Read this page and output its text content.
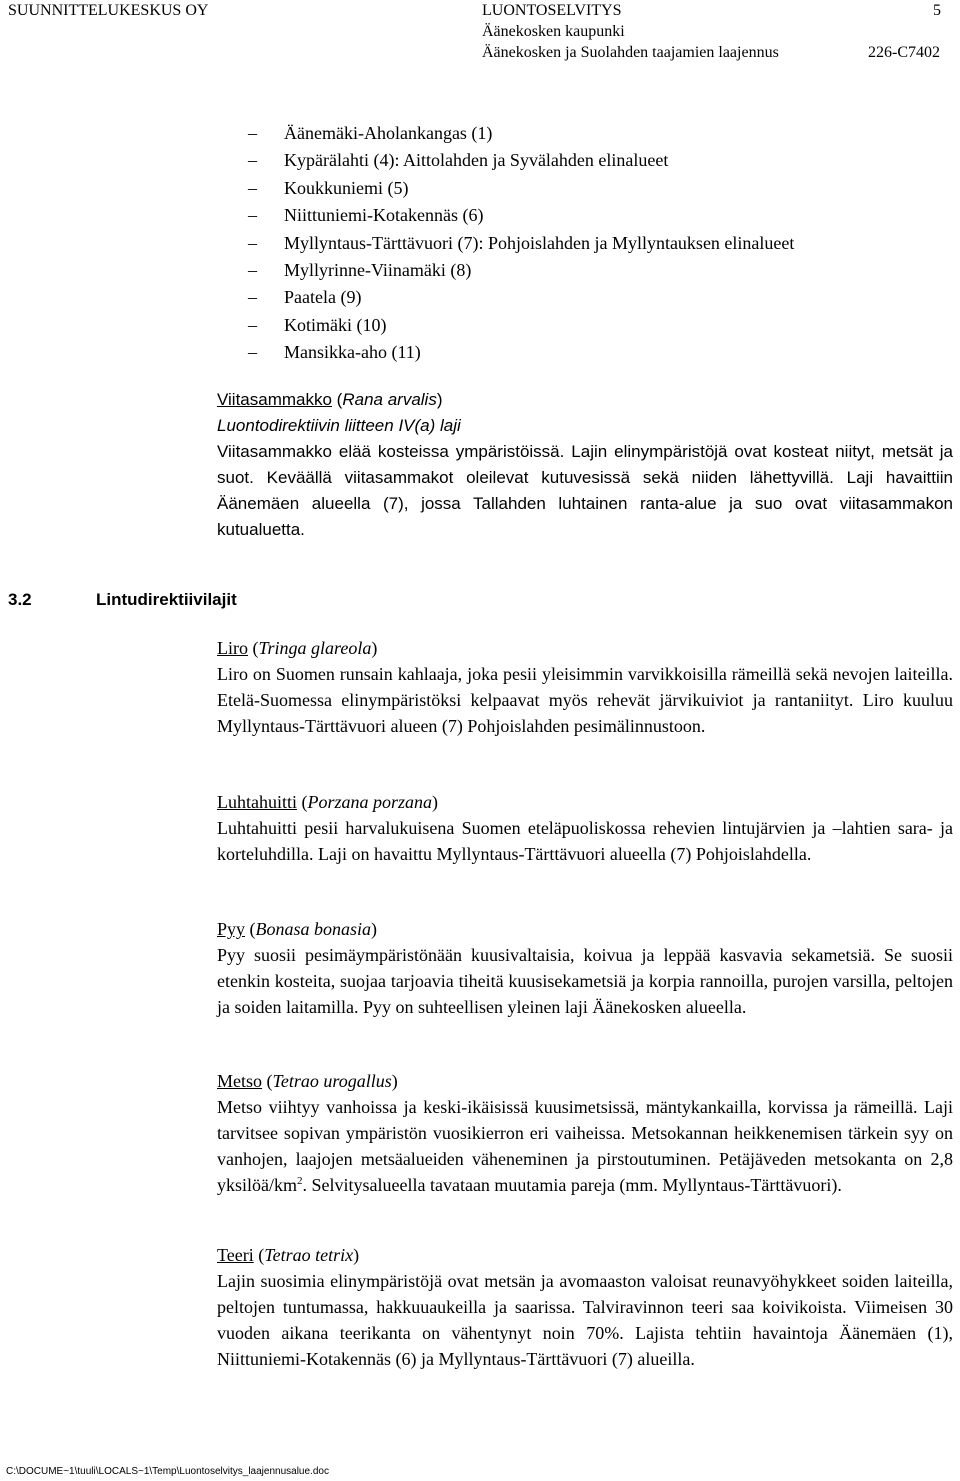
SUUNNITTELUKESKUS OY	LUONTOSELVITYS	5
Äänekosken kaupunki
Äänekosken ja Suolahden taajamien laajennus	226-C7402
–	Äänemäki-Aholankangas (1)
–	Kypärälahti (4): Aittolahden ja Syvälahden elinalueet
–	Koukkuniemi (5)
–	Niittuniemi-Kotakennäs (6)
–	Myllyntaus-Tärttävuori (7): Pohjoislahden ja Myllyntauksen elinalueet
–	Myllyrinne-Viinamäki (8)
–	Paatela (9)
–	Kotimäki (10)
–	Mansikka-aho (11)
Viitasammakko (Rana arvalis)
Luontodirektiivin liitteen IV(a) laji

Viitasammakko elää kosteissa ympäristöissä. Lajin elinympäristöjä ovat kosteat niityt, metsät ja suot. Keväällä viitasammakot oleilevat kutuvesissä sekä niiden lähettyvillä. Laji havaittiin Äänemäen alueella (7), jossa Tallahden luhtainen ranta-alue ja suo ovat viitasammakon kutualuetta.

3.2	Lintudirektiivilajit
Liro (Tringa glareola)

Liro on Suomen runsain kahlaaja, joka pesii yleisimmin varvikkoisilla rämeillä sekä nevojen laiteilla. Etelä-Suomessa elinympäristöksi kelpaavat myös rehevät järvikuiviot ja rantaniityt. Liro kuuluu Myllyntaus-Tärttävuori alueen (7) Pohjoislahden pesimälinnustoon.

Luhtahuitti (Porzana porzana)

Luhtahuitti pesii harvalukuisena Suomen eteläpuoliskossa rehevien lintujärvien ja –lahtien sara- ja korteluhdilla. Laji on havaittu Myllyntaus-Tärttävuori alueella (7) Pohjoislahdella.

Pyy (Bonasa bonasia)

Pyy suosii pesimäympäristönään kuusivaltaisia, koivua ja leppää kasvavia sekametsiä. Se suosii etenkin kosteita, suojaa tarjoavia tiheitä kuusisekametsiä ja korpia rannoilla, purojen varsilla, peltojen ja soiden laitamilla. Pyy on suhteellisen yleinen laji Äänekosken alueella.

Metso (Tetrao urogallus)

Metso viihtyy vanhoissa ja keski-ikäisissä kuusimetsissä, mäntykankailla, korvissa ja rämeillä. Laji tarvitsee sopivan ympäristön vuosikierron eri vaiheissa. Metsokannan heikkenemisen tärkein syy on vanhojen, laajojen metsäalueiden väheneminen ja pirstoutuminen. Petäjäveden metsokanta on 2,8 yksilöä/$km^2$. Selvitysalueella tavataan muutamia pareja (mm. Myllyntaus-Tärttävuori).

Teeri (Tetrao tetrix)

Lajin suosimia elinympäristöjä ovat metsän ja avomaaston valoisat reunavyöhykkeet soiden laiteilla, peltojen tuntumassa, hakkuuaukeilla ja saarissa. Talviravinnon teeri saa koivikoista. Viimeisen 30 vuoden aikana teerikanta on vähentynyt noin 70%. Lajista tehtiin havaintoja Äänemäen (1), Niittuniemi-Kotakennäs (6) ja Myllyntaus-Tärttävuori (7) alueilla.

C:\DOCUME~1\tuuli\LOCALS~1\Temp\Luontoselvitys_laajennusalue.doc
